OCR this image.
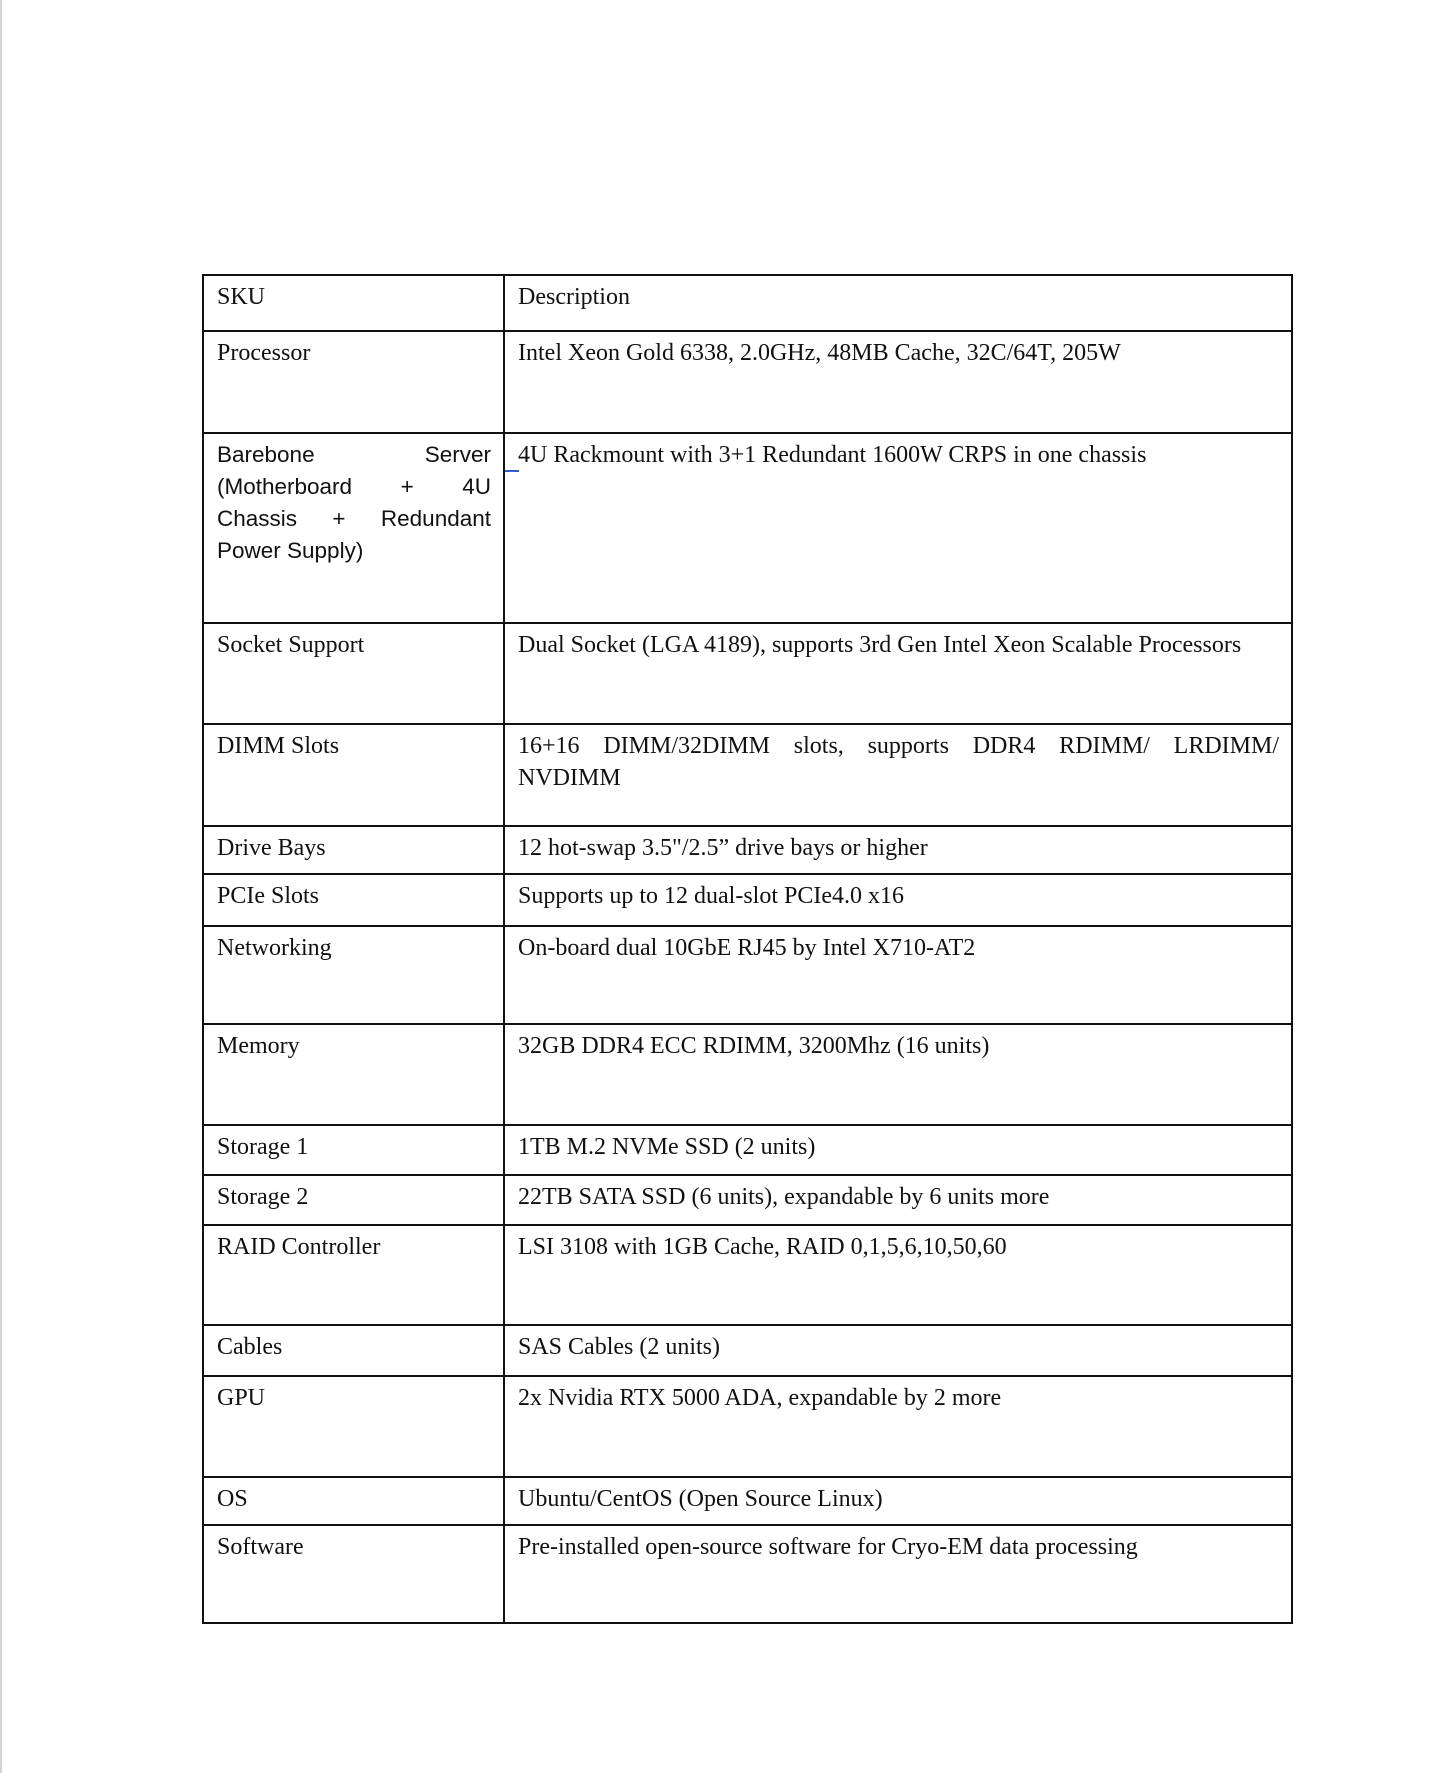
SKU	Description
Processor	Intel Xeon Gold 6338, 2.0GHz, 48MB Cache, 32C/64T, 205W
Barebone Server (Motherboard + 4U Chassis + Redundant Power Supply)	4U Rackmount with 3+1 Redundant 1600W CRPS in one chassis
Socket Support	Dual Socket (LGA 4189), supports 3rd Gen Intel Xeon Scalable Processors
DIMM Slots	16+16 DIMM/32DIMM slots, supports DDR4 RDIMM/ LRDIMM/ NVDIMM
Drive Bays	12 hot-swap 3.5"/2.5” drive bays or higher
PCIe Slots	Supports up to 12 dual-slot PCIe4.0 x16
Networking	On-board dual 10GbE RJ45 by Intel X710-AT2
Memory	32GB DDR4 ECC RDIMM, 3200Mhz (16 units)
Storage 1	1TB M.2 NVMe SSD (2 units)
Storage 2	22TB SATA SSD (6 units), expandable by 6 units more
RAID Controller	LSI 3108 with 1GB Cache, RAID 0,1,5,6,10,50,60
Cables	SAS Cables (2 units)
GPU	2x Nvidia RTX 5000 ADA, expandable by 2 more
OS	Ubuntu/CentOS (Open Source Linux)
Software	Pre-installed open-source software for Cryo-EM data processing
